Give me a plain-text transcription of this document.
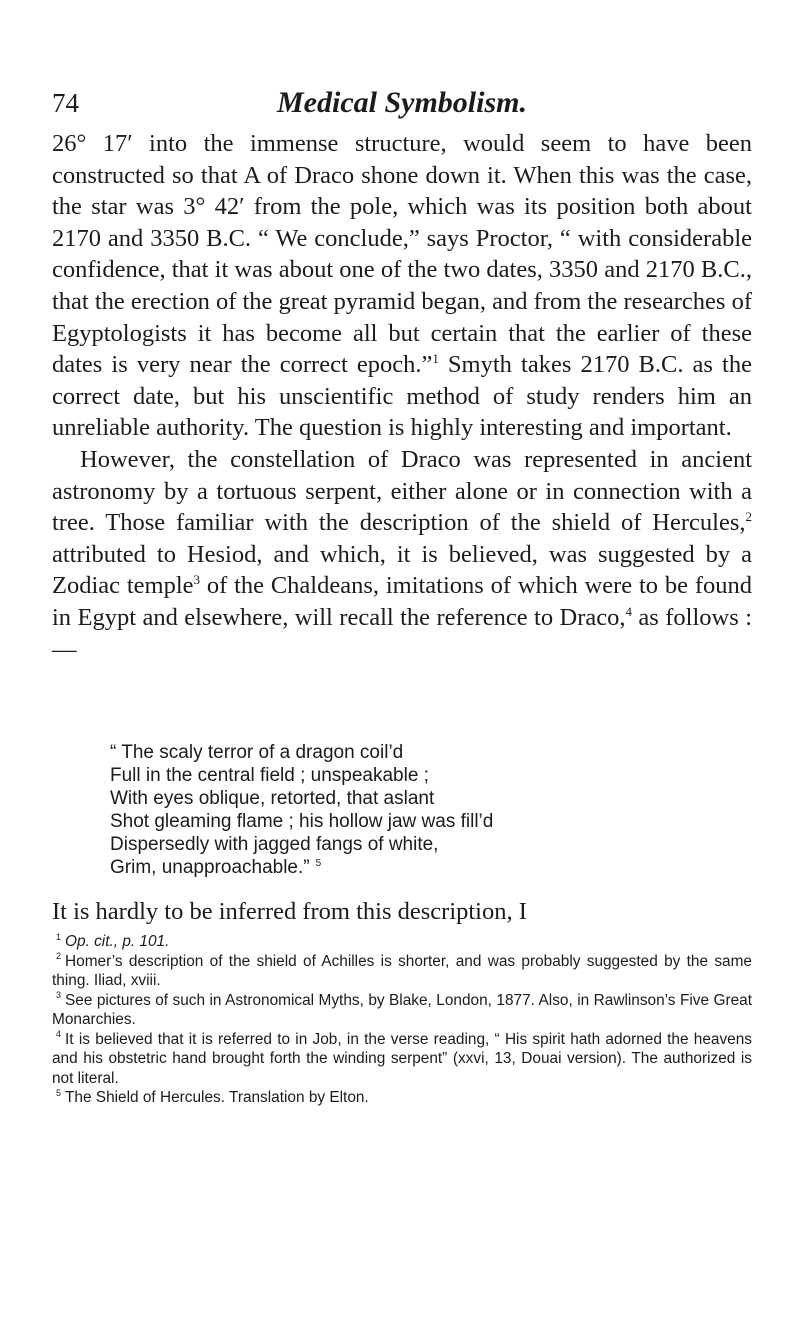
74	Medical Symbolism.

26° 17′ into the immense structure, would seem to have been constructed so that A of Draco shone down it. When this was the case, the star was 3° 42′ from the pole, which was its position both about 2170 and 3350 B.C. “ We conclude,” says Proctor, “ with considerable confidence, that it was about one of the two dates, 3350 and 2170 B.C., that the erection of the great pyramid began, and from the researches of Egyptologists it has become all but certain that the earlier of these dates is very near the correct epoch.”$^1$ Smyth takes 2170 B.C. as the correct date, but his unscientific method of study renders him an unreliable authority. The question is highly interesting and important.

However, the constellation of Draco was represented in ancient astronomy by a tortuous serpent, either alone or in connection with a tree. Those familiar with the description of the shield of Hercules,$^2$ attributed to Hesiod, and which, it is believed, was suggested by a Zodiac temple$^3$ of the Chaldeans, imitations of which were to be found in Egypt and elsewhere, will recall the reference to Draco,$^4$ as follows :—

“ The scaly terror of a dragon coil’d
Full in the central field ; unspeakable ;
With eyes oblique, retorted, that aslant
Shot gleaming flame ; his hollow jaw was fill’d
Dispersedly with jagged fangs of white,
Grim, unapproachable.” $^5$
It is hardly to be inferred from this description, I

$^1$ Op. cit., p. 101.

$^2$ Homer’s description of the shield of Achilles is shorter, and was probably suggested by the same thing. Iliad, xviii.

$^3$ See pictures of such in Astronomical Myths, by Blake, London, 1877. Also, in Rawlinson’s Five Great Monarchies.

$^4$ It is believed that it is referred to in Job, in the verse reading, “ His spirit hath adorned the heavens and his obstetric hand brought forth the winding serpent” (xxvi, 13, Douai version). The authorized is not literal.

$^5$ The Shield of Hercules. Translation by Elton.
